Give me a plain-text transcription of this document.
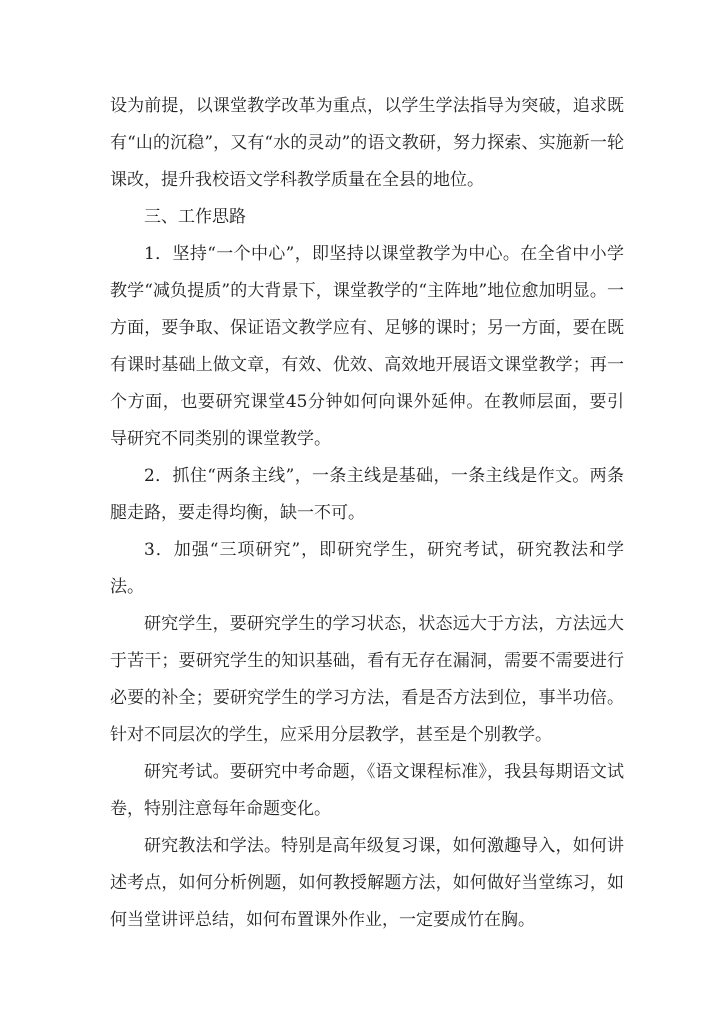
设为前提，以课堂教学改革为重点，以学生学法指导为突破，追求既有“山的沉稳”，又有“水的灵动”的语文教研，努力探索、实施新一轮课改，提升我校语文学科教学质量在全县的地位。

三、工作思路

1．坚持“一个中心”，即坚持以课堂教学为中心。在全省中小学教学“减负提质”的大背景下，课堂教学的“主阵地”地位愈加明显。一方面，要争取、保证语文教学应有、足够的课时；另一方面，要在既有课时基础上做文章，有效、优效、高效地开展语文课堂教学；再一个方面，也要研究课堂45分钟如何向课外延伸。在教师层面，要引导研究不同类别的课堂教学。

2．抓住“两条主线”，一条主线是基础，一条主线是作文。两条腿走路，要走得均衡，缺一不可。

3．加强“三项研究”，即研究学生，研究考试，研究教法和学法。

研究学生，要研究学生的学习状态，状态远大于方法，方法远大于苦干；要研究学生的知识基础，看有无存在漏洞，需要不需要进行必要的补全；要研究学生的学习方法，看是否方法到位，事半功倍。针对不同层次的学生，应采用分层教学，甚至是个别教学。

研究考试。要研究中考命题，《语文课程标准》，我县每期语文试卷，特别注意每年命题变化。

研究教法和学法。特别是高年级复习课，如何激趣导入，如何讲述考点，如何分析例题，如何教授解题方法，如何做好当堂练习，如何当堂讲评总结，如何布置课外作业，一定要成竹在胸。
